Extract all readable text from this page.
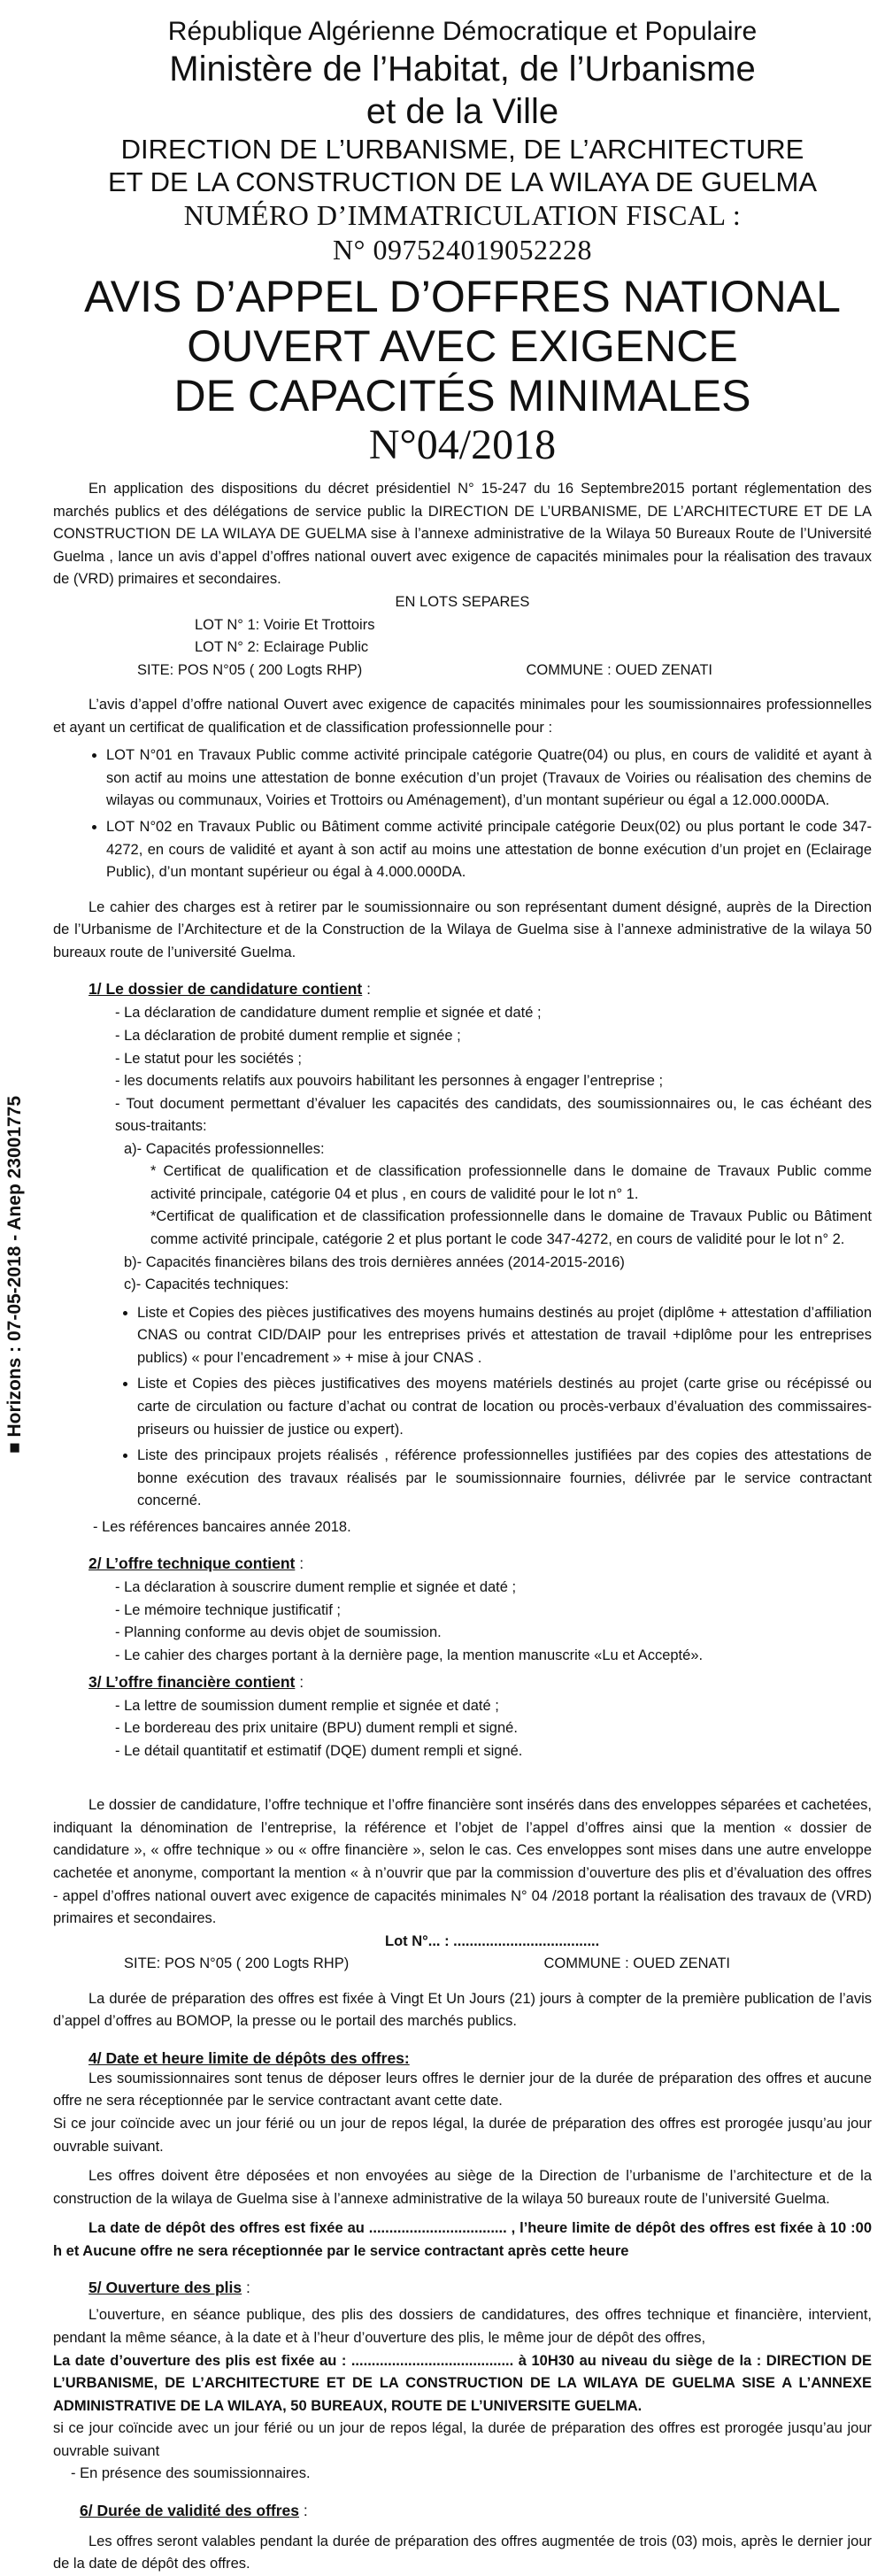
■ Horizons : 07-05-2018 - Anep 23001775
République Algérienne Démocratique et Populaire
Ministère de l’Habitat, de l’Urbanisme
et de la Ville
DIRECTION DE L’URBANISME, DE L’ARCHITECTURE
ET DE LA CONSTRUCTION DE LA WILAYA DE GUELMA
NUMÉRO D’IMMATRICULATION FISCAL :
N° 097524019052228
AVIS D’APPEL D’OFFRES NATIONAL
OUVERT AVEC EXIGENCE
DE CAPACITÉS MINIMALES
N°04/2018

En application des dispositions du décret présidentiel N° 15-247 du 16 Septembre2015 portant réglementation des marchés publics et des délégations de service public la DIRECTION DE L’URBANISME, DE L’ARCHITECTURE ET DE LA CONSTRUCTION DE LA WILAYA DE GUELMA sise à l’annexe administrative de la Wilaya 50 Bureaux Route de l’Université Guelma , lance un avis d’appel d’offres national ouvert avec exigence de capacités minimales pour la réalisation des travaux de (VRD) primaires et secondaires.

EN LOTS SEPARES

LOT N° 1: Voirie Et Trottoirs

LOT N° 2: Eclairage Public

SITE: POS N°05 ( 200 Logts RHP)	COMMUNE : OUED ZENATI

L’avis d’appel d’offre national Ouvert avec exigence de capacités minimales pour les soumissionnaires professionnelles et ayant un certificat de qualification et de classification professionnelle pour :

• LOT N°01 en Travaux Public comme activité principale catégorie Quatre(04) ou plus, en cours de validité et ayant à son actif au moins une attestation de bonne exécution d’un projet (Travaux de Voiries ou réalisation des chemins de wilayas ou communaux, Voiries et Trottoirs ou Aménagement), d’un montant supérieur ou égal a 12.000.000DA.
• LOT N°02 en Travaux Public ou Bâtiment comme activité principale catégorie Deux(02) ou plus portant le code 347-4272, en cours de validité et ayant à son actif au moins une attestation de bonne exécution d’un projet en (Eclairage Public), d’un montant supérieur ou égal à 4.000.000DA.

Le cahier des charges est à retirer par le soumissionnaire ou son représentant dument désigné, auprès de la Direction de l’Urbanisme de l’Architecture et de la Construction de la Wilaya de Guelma sise à l’annexe administrative de la wilaya 50 bureaux route de l’université Guelma.

1/ Le dossier de candidature contient :
- La déclaration de candidature dument remplie et signée et daté ;
- La déclaration de probité dument remplie et signée ;
- Le statut pour les sociétés ;
- les documents relatifs aux pouvoirs habilitant les personnes à engager l’entreprise ;
- Tout document permettant d’évaluer les capacités des candidats, des soumissionnaires ou, le cas échéant des sous-traitants:

a)- Capacités professionnelles:

* Certificat de qualification et de classification professionnelle dans le domaine de Travaux Public comme activité principale, catégorie 04 et plus , en cours de validité pour le lot n° 1.

*Certificat de qualification et de classification professionnelle dans le domaine de Travaux Public ou Bâtiment comme activité principale, catégorie 2 et plus portant le code 347-4272, en cours de validité pour le lot n° 2.

b)- Capacités financières bilans des trois dernières années (2014-2015-2016)

c)- Capacités techniques:

• Liste et Copies des pièces justificatives des moyens humains destinés au projet (diplôme + attestation d’affiliation CNAS ou contrat CID/DAIP pour les entreprises privés et attestation de travail +diplôme pour les entreprises publics) « pour l’encadrement » + mise à jour CNAS .
• Liste et Copies des pièces justificatives des moyens matériels destinés au projet (carte grise ou récépissé ou carte de circulation ou facture d’achat ou contrat de location ou procès-verbaux d’évaluation des commissaires-priseurs ou huissier de justice ou expert).
• Liste des principaux projets réalisés , référence professionnelles justifiées par des copies des attestations de bonne exécution des travaux réalisés par le soumissionnaire fournies, délivrée par le service contractant concerné.

- Les références bancaires année 2018.

2/ L’offre technique contient :
- La déclaration à souscrire dument remplie et signée et daté ;
- Le mémoire technique justificatif ;
- Planning conforme au devis objet de soumission.
- Le cahier des charges portant à la dernière page, la mention manuscrite «Lu et Accepté».
3/ L’offre financière contient :
- La lettre de soumission dument remplie et signée et daté ;
- Le bordereau des prix unitaire (BPU) dument rempli et signé.
- Le détail quantitatif et estimatif (DQE) dument rempli et signé.

Le dossier de candidature, l’offre technique et l’offre financière sont insérés dans des enveloppes séparées et cachetées, indiquant la dénomination de l’entreprise, la référence et l’objet de l’appel d’offres ainsi que la mention « dossier de candidature », « offre technique » ou « offre financière », selon le cas. Ces enveloppes sont mises dans une autre enveloppe cachetée et anonyme, comportant la mention « à n’ouvrir que par la commission d’ouverture des plis et d’évaluation des offres - appel d’offres national ouvert avec exigence de capacités minimales N° 04 /2018 portant la réalisation des travaux de (VRD) primaires et secondaires.

Lot N°... : ....................................

SITE: POS N°05 ( 200 Logts RHP)	COMMUNE : OUED ZENATI

La durée de préparation des offres est fixée à Vingt Et Un Jours (21) jours à compter de la première publication de l’avis d’appel d’offres au BOMOP, la presse ou le portail des marchés publics.

4/ Date et heure limite de dépôts des offres:

Les soumissionnaires sont tenus de déposer leurs offres le dernier jour de la durée de préparation des offres et aucune offre ne sera réceptionnée par le service contractant avant cette date.

Si ce jour coïncide avec un jour férié ou un jour de repos légal, la durée de préparation des offres est prorogée jusqu’au jour ouvrable suivant.

Les offres doivent être déposées et non envoyées au siège de la Direction de l’urbanisme de l’architecture et de la construction de la wilaya de Guelma sise à l’annexe administrative de la wilaya 50 bureaux route de l’université Guelma.

La date de dépôt des offres est fixée au .................................. , l’heure limite de dépôt des offres est fixée à 10 :00 h et Aucune offre ne sera réceptionnée par le service contractant après cette heure

5/ Ouverture des plis :

L’ouverture, en séance publique, des plis des dossiers de candidatures, des offres technique et financière, intervient, pendant la même séance, à la date et à l’heur d’ouverture des plis, le même jour de dépôt des offres,

La date d’ouverture des plis est fixée au : ........................................ à 10H30 au niveau du siège de la : DIRECTION DE L’URBANISME, DE L’ARCHITECTURE ET DE LA CONSTRUCTION DE LA WILAYA DE GUELMA SISE A L’ANNEXE ADMINISTRATIVE DE LA WILAYA, 50 BUREAUX, ROUTE DE L’UNIVERSITE GUELMA.

si ce jour coïncide avec un jour férié ou un jour de repos légal, la durée de préparation des offres est prorogée jusqu’au jour ouvrable suivant

- En présence des soumissionnaires.

6/ Durée de validité des offres :

Les offres seront valables pendant la durée de préparation des offres augmentée de trois (03) mois, après le dernier jour de la date de dépôt des offres.
